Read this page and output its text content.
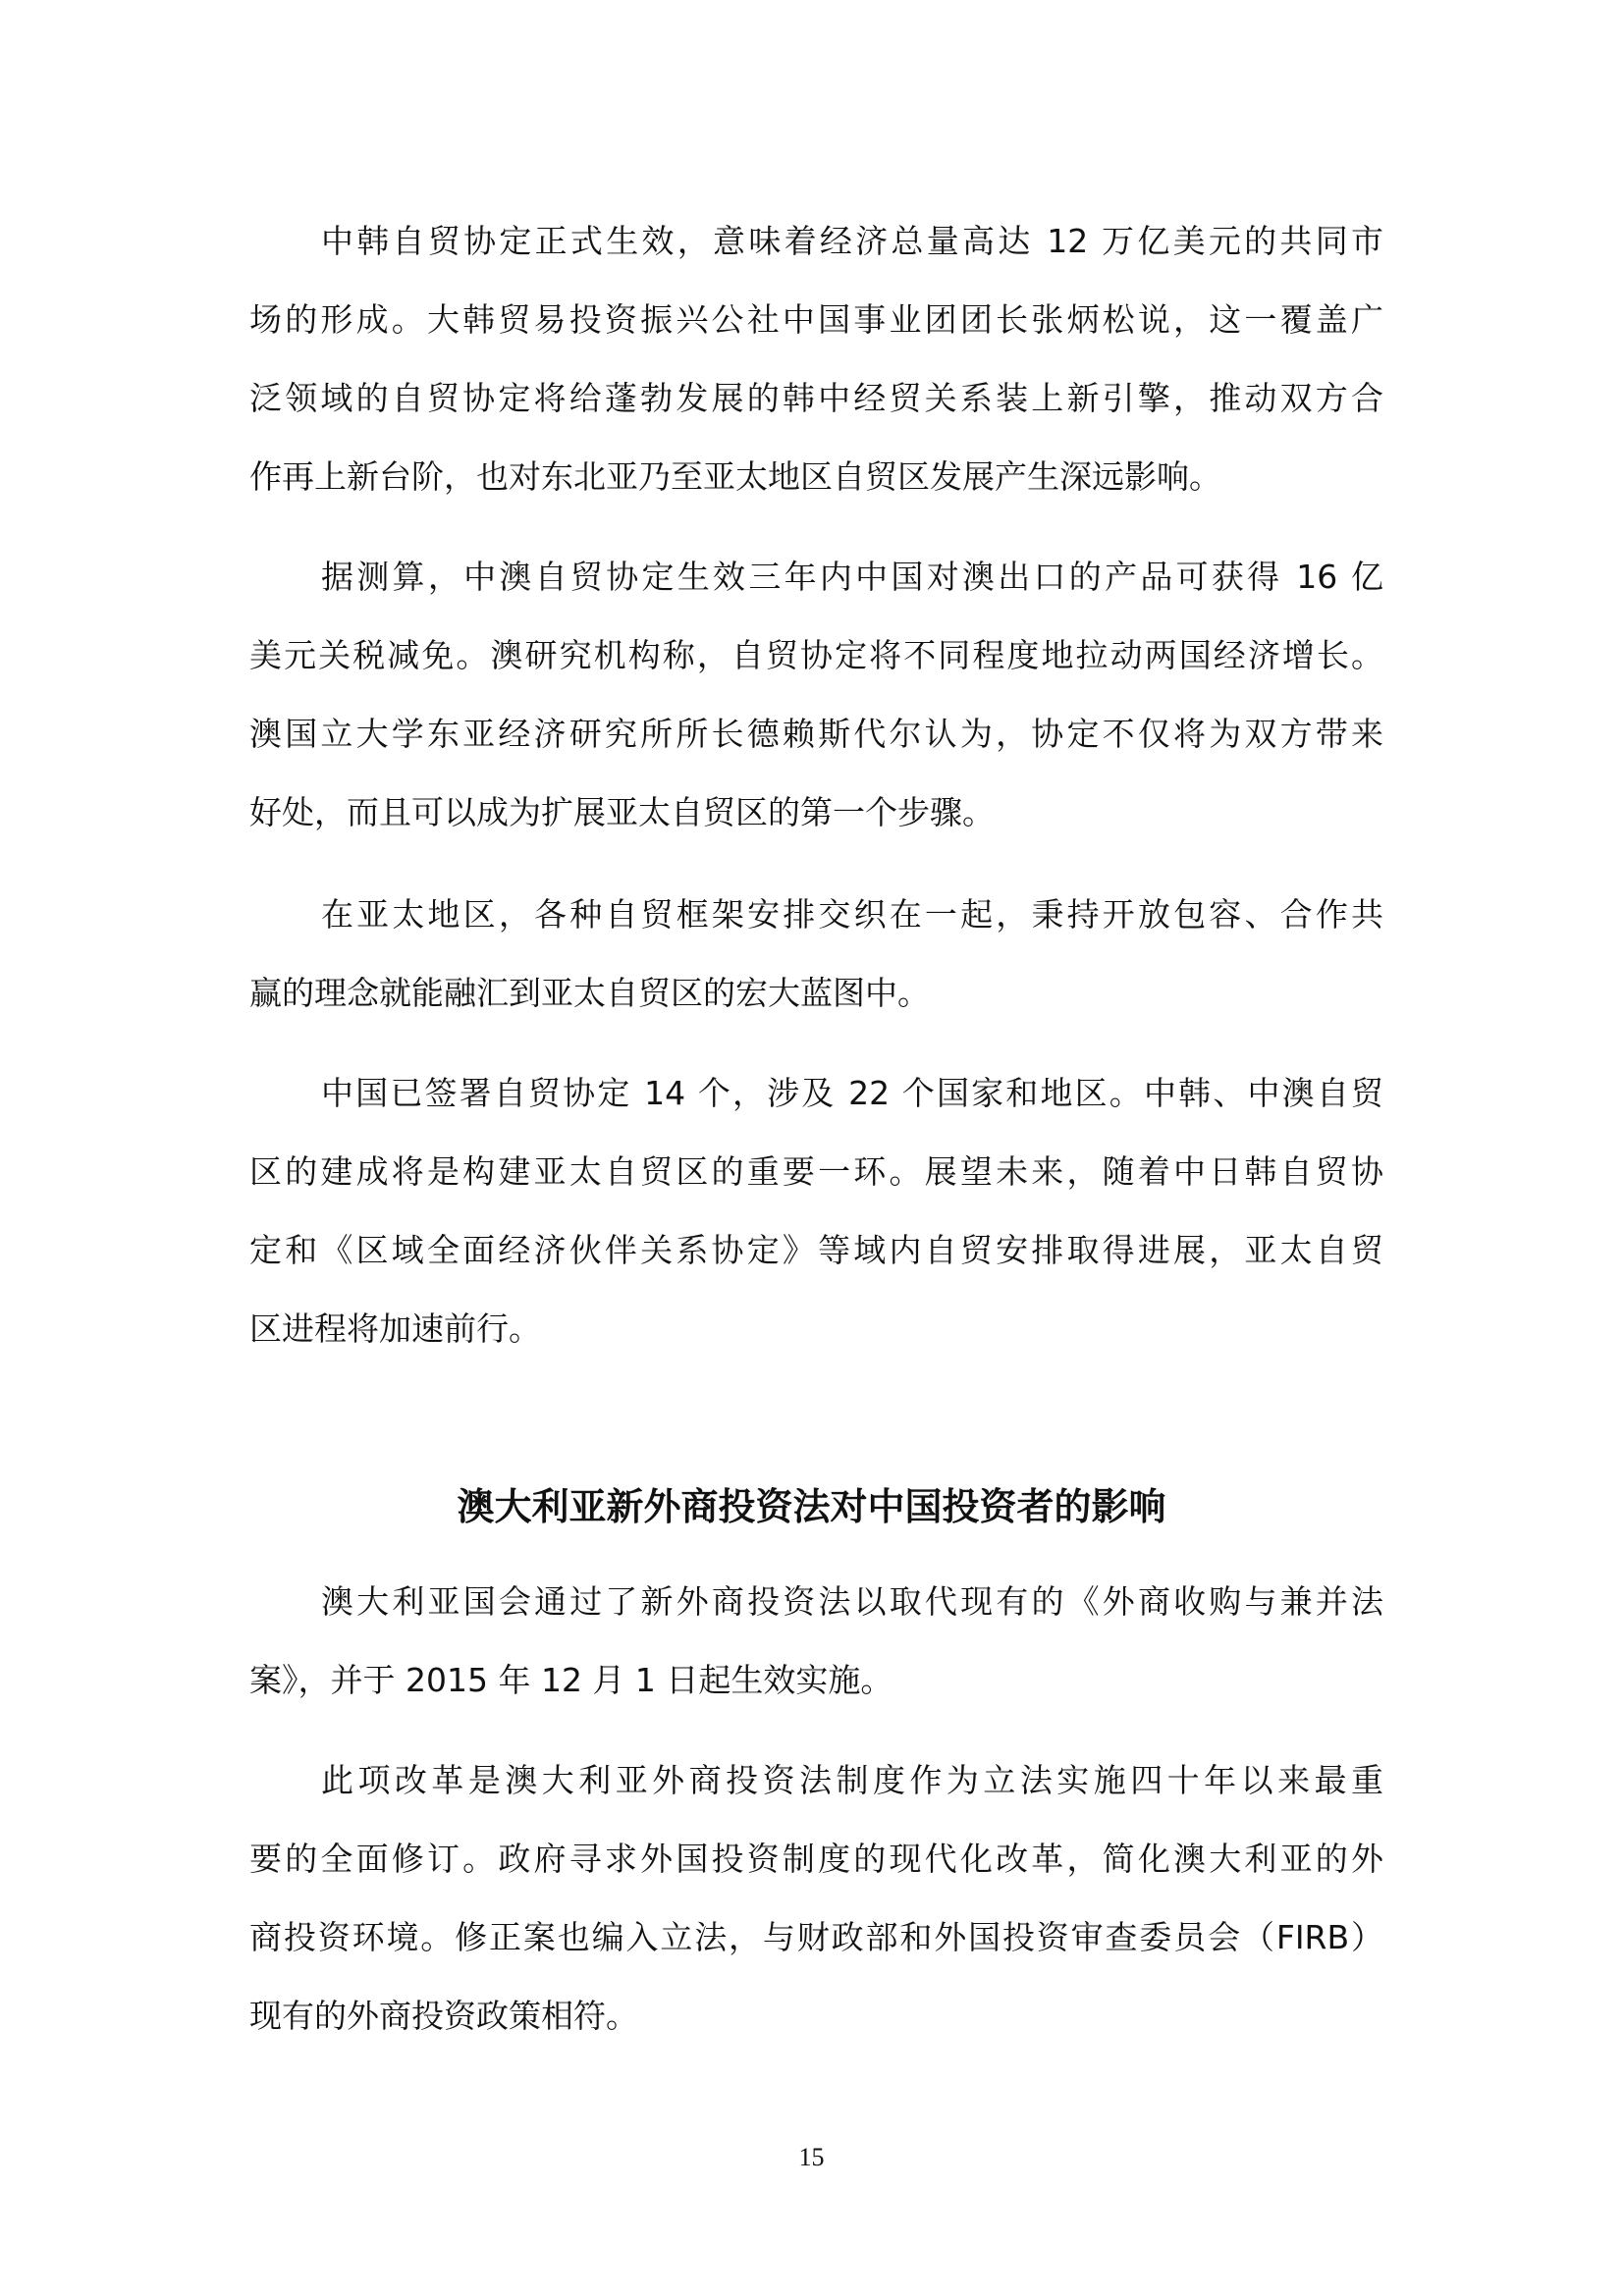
中韩自贸协定正式生效，意味着经济总量高达 12 万亿美元的共同市
场的形成。大韩贸易投资振兴公社中国事业团团长张炳松说，这一覆盖广
泛领域的自贸协定将给蓬勃发展的韩中经贸关系装上新引擎，推动双方合
作再上新台阶，也对东北亚乃至亚太地区自贸区发展产生深远影响。
据测算，中澳自贸协定生效三年内中国对澳出口的产品可获得 16 亿
美元关税减免。澳研究机构称，自贸协定将不同程度地拉动两国经济增长。
澳国立大学东亚经济研究所所长德赖斯代尔认为，协定不仅将为双方带来
好处，而且可以成为扩展亚太自贸区的第一个步骤。
在亚太地区，各种自贸框架安排交织在一起，秉持开放包容、合作共
赢的理念就能融汇到亚太自贸区的宏大蓝图中。
中国已签署自贸协定 14 个，涉及 22 个国家和地区。中韩、中澳自贸
区的建成将是构建亚太自贸区的重要一环。展望未来，随着中日韩自贸协
定和《区域全面经济伙伴关系协定》等域内自贸安排取得进展，亚太自贸
区进程将加速前行。
澳大利亚新外商投资法对中国投资者的影响
澳大利亚国会通过了新外商投资法以取代现有的《外商收购与兼并法
案》，并于 2015 年 12 月 1 日起生效实施。
此项改革是澳大利亚外商投资法制度作为立法实施四十年以来最重
要的全面修订。政府寻求外国投资制度的现代化改革，简化澳大利亚的外
商投资环境。修正案也编入立法，与财政部和外国投资审查委员会（FIRB）
现有的外商投资政策相符。
15
